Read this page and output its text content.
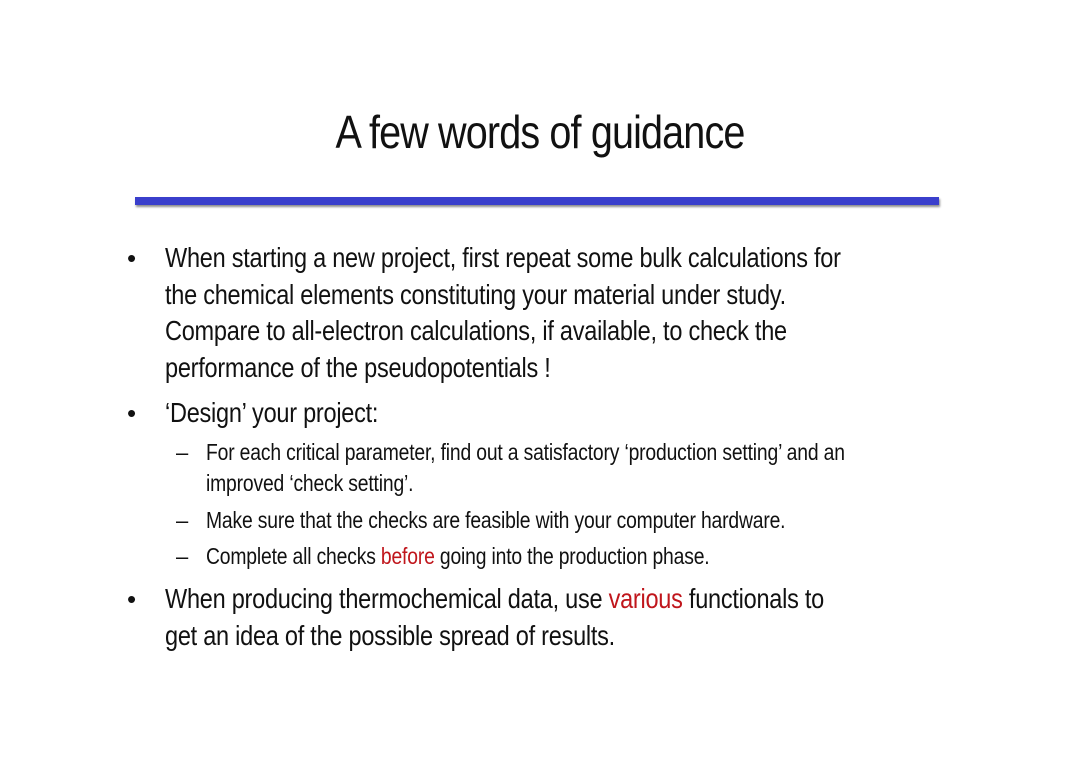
A few words of guidance
• When starting a new project, first repeat some bulk calculations for
the chemical elements constituting your material under study.
Compare to all-electron calculations, if available, to check the
performance of the pseudopotentials !
• ‘Design’ your project:
– For each critical parameter, find out a satisfactory ‘production setting’ and an
improved ‘check setting’.
– Make sure that the checks are feasible with your computer hardware.
– Complete all checks before going into the production phase.
• When producing thermochemical data, use various functionals to
get an idea of the possible spread of results.
